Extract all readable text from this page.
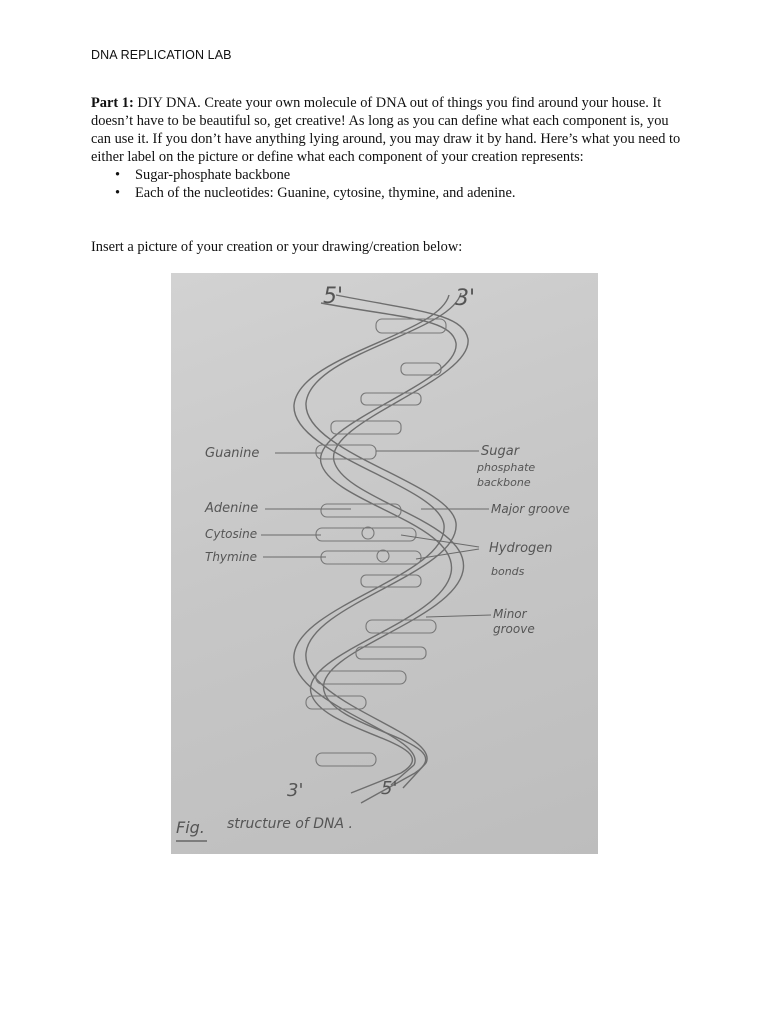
DNA REPLICATION LAB

Part 1: DIY DNA. Create your own molecule of DNA out of things you find around your house. It doesn’t have to be beautiful so, get creative! As long as you can define what each component is, you can use it. If you don’t have anything lying around, you may draw it by hand. Here’s what you need to either label on the picture or define what each component of your creation represents:

• Sugar-phosphate backbone
• Each of the nucleotides: Guanine, cytosine, thymine, and adenine.
Insert a picture of your creation or your drawing/creation below:
5'	3'
3'	5'
Guanine
Adenine
Cytosine
Thymine
Sugar
phosphate
backbone
Major groove
Hydrogen
bonds
Minor
groove
Fig. structure of DNA .
